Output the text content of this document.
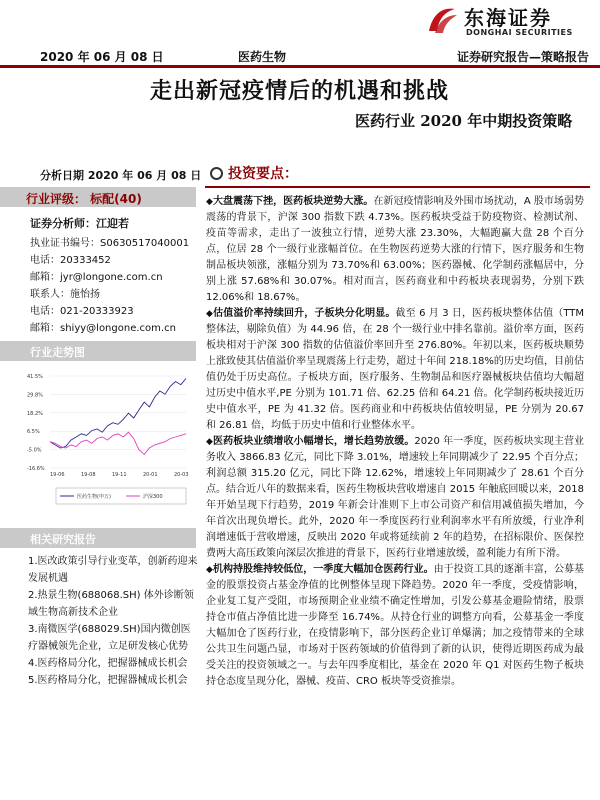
东海证券
DONGHAI SECURITIES
2020 年 06 月 08 日	医药生物	证券研究报告—策略报告
走出新冠疫情后的机遇和挑战
医药行业 2020 年中期投资策略
分析日期 2020 年 06 月 08 日
行业评级： 标配(40)
证券分析师：江迎若
执业证书编号：S0630517040001
电话：20333452
邮箱：jyr@longone.com.cn
联系人：施怡扬
电话：021-20333923
邮箱：shiyy@longone.com.cn
行业走势图
41.5%
29.8%
18.2%
6.5%
-5.0%
-16.6%
19-06	19-08	19-11	20-01	20-03
医药生物(申万)	沪深300
相关研究报告
1.医改政策引导行业变革，创新药迎来发展机遇
2.热景生物(688068.SH) 体外诊断领域生物高新技术企业
3.南微医学(688029.SH)国内微创医疗器械领先企业，立足研发核心优势
4.医药格局分化，把握器械成长机会
5.医药格局分化，把握器械成长机会
投资要点：

◆大盘震荡下挫，医药板块逆势大涨。在新冠疫情影响及外围市场扰动，A 股市场弱势震荡的背景下，沪深 300 指数下跌 4.73%。医药板块受益于防疫物资、检测试剂、疫苗等需求，走出了一波独立行情，逆势大涨 23.30%，大幅跑赢大盘 28 个百分点，位居 28 个一级行业涨幅首位。在生物医药逆势大涨的行情下，医疗服务和生物制品板块领涨，涨幅分别为 73.70%和 63.00%；医药器械、化学制药涨幅居中，分别上涨 57.68%和 30.07%。相对而言，医药商业和中药板块表现弱势，分别下跌 12.06%和 18.67%。

◆估值溢价率持续回升，子板块分化明显。截至 6 月 3 日，医药板块整体估值（TTM 整体法，剔除负值）为 44.96 倍，在 28 个一级行业中排名靠前。溢价率方面，医药板块相对于沪深 300 指数的估值溢价率回升至 276.80%。年初以来，医药板块顺势上涨致使其估值溢价率呈现震荡上行走势，超过十年间 218.18%的历史均值，目前估值仍处于历史高位。子板块方面，医疗服务、生物制品和医疗器械板块估值均大幅超过历史中值水平,PE 分别为 101.71 倍、62.25 倍和 64.21 倍。化学制药板块接近历史中值水平，PE 为 41.32 倍。医药商业和中药板块估值较明显，PE 分别为 20.67 和 26.81 倍，均低于历史中值和行业整体水平。

◆医药板块业绩增收小幅增长，增长趋势放缓。2020 年一季度，医药板块实现主营业务收入 3866.83 亿元，同比下降 3.01%，增速较上年同期减少了 22.95 个百分点；利润总额 315.20 亿元，同比下降 12.62%，增速较上年同期减少了 28.61 个百分点。结合近八年的数据来看，医药生物板块营收增速自 2015 年触底回暖以来，2018 年开始呈现下行趋势，2019 年新会计准则下上市公司资产和信用减值损失增加，今年首次出现负增长。此外，2020 年一季度医药行业利润率水平有所放缓，行业净利润增速低于营收增速，反映出 2020 年或将延续前 2 年的趋势，在招标限价、医保控费两大高压政策向深层次推进的背景下，医药行业增速放缓，盈利能力有所下滑。

◆机构持股维持较低位，一季度大幅加仓医药行业。由于投资工具的逐渐丰富，公募基金的股票投资占基金净值的比例整体呈现下降趋势。2020 年一季度，受疫情影响，企业复工复产受阻，市场预期企业业绩不确定性增加，引发公募基金避险情绪，股票持仓市值占净值比进一步降至 16.74%。从持仓行业的调整方向看，公募基金一季度大幅加仓了医药行业，在疫情影响下，部分医药企业订单爆满；加之疫情带来的全球公共卫生问题凸显，市场对于医药领域的价值得到了新的认识，使得近期医药成为最受关注的投资领域之一。与去年四季度相比，基金在 2020 年 Q1 对医药生物子板块持仓态度呈现分化，器械、疫苗、CRO 板块等受资推崇。
